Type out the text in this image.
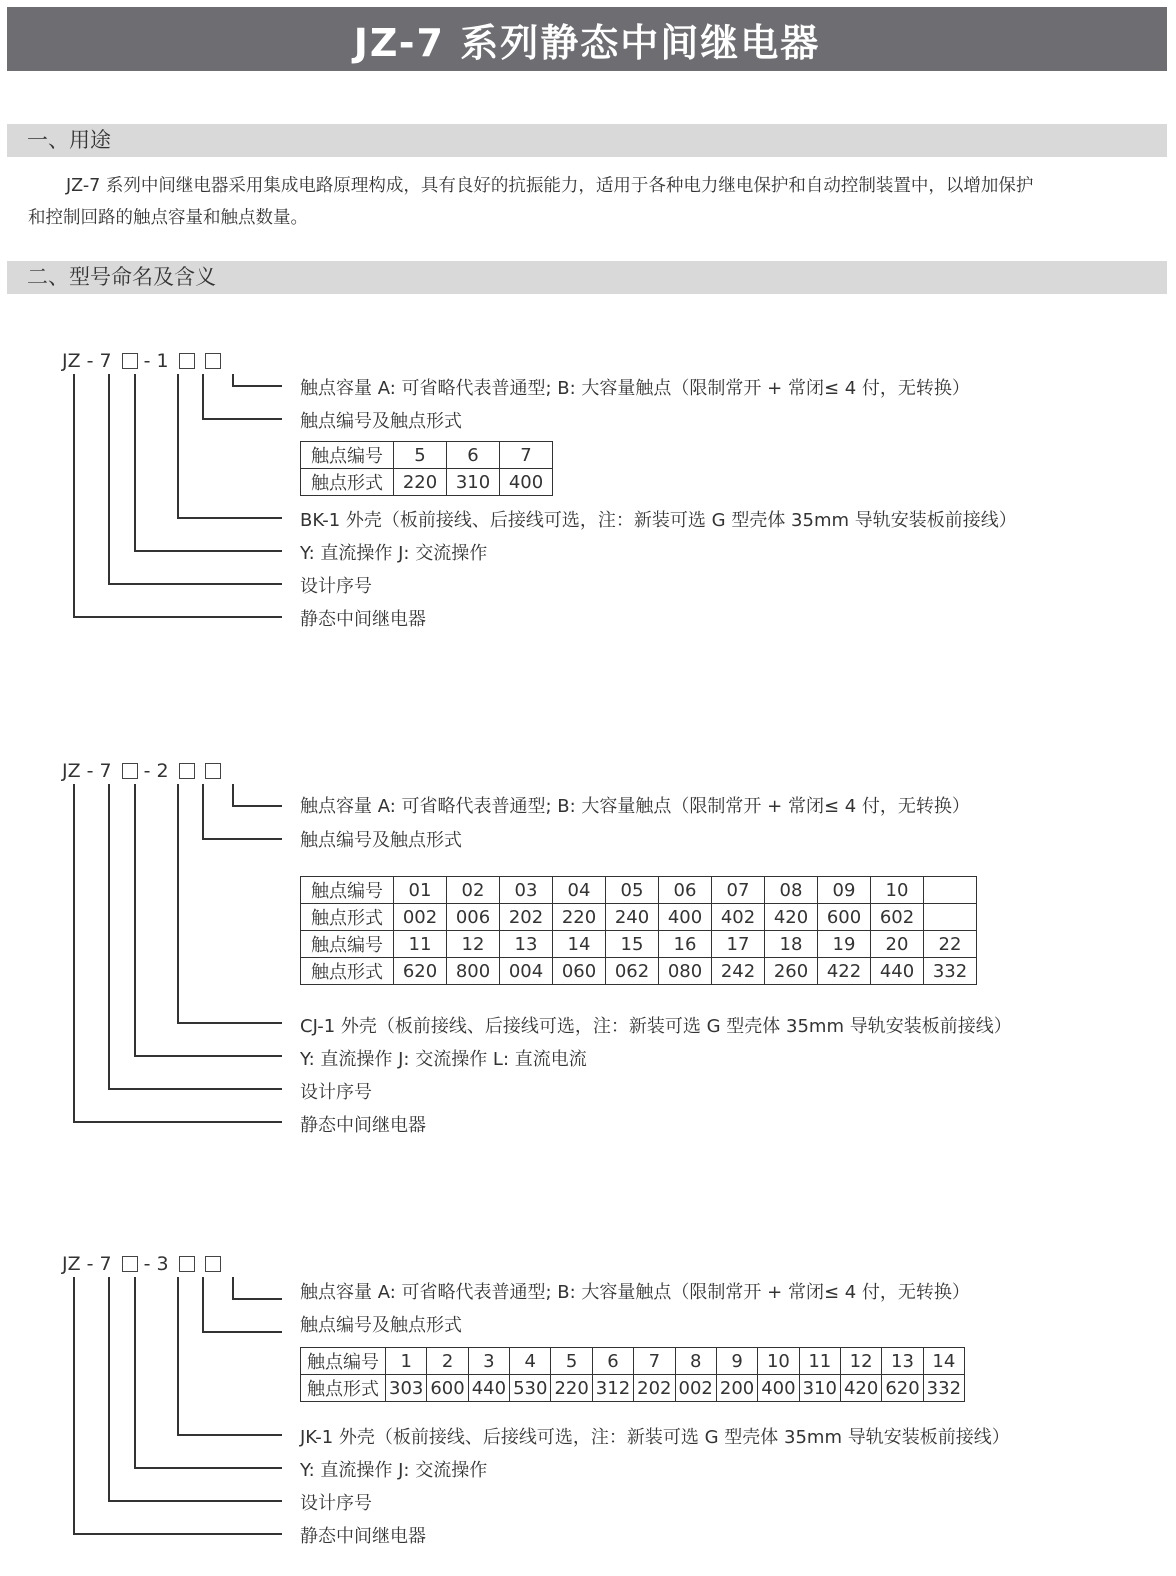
JZ-7 系列静态中间继电器
一、用途
JZ-7 系列中间继电器采用集成电路原理构成，具有良好的抗振能力，适用于各种电力继电保护和自动控制装置中，以增加保护
和控制回路的触点容量和触点数量。
二、型号命名及含义
JZ - 7 - 1
触点容量 A: 可省略代表普通型; B: 大容量触点（限制常开 + 常闭≤ 4 付，无转换）
触点编号及触点形式
触点编号	5	6	7
触点形式	220	310	400
BK-1 外壳（板前接线、后接线可选，注：新装可选 G 型壳体 35mm 导轨安装板前接线）
Y: 直流操作 J: 交流操作
设计序号
静态中间继电器
JZ - 7 - 2
触点容量 A: 可省略代表普通型; B: 大容量触点（限制常开 + 常闭≤ 4 付，无转换）
触点编号及触点形式
触点编号	01	02	03	04	05	06	07	08	09	10	
触点形式	002	006	202	220	240	400	402	420	600	602	
触点编号	11	12	13	14	15	16	17	18	19	20	22
触点形式	620	800	004	060	062	080	242	260	422	440	332
CJ-1 外壳（板前接线、后接线可选，注：新装可选 G 型壳体 35mm 导轨安装板前接线）
Y: 直流操作 J: 交流操作 L: 直流电流
设计序号
静态中间继电器
JZ - 7 - 3
触点容量 A: 可省略代表普通型; B: 大容量触点（限制常开 + 常闭≤ 4 付，无转换）
触点编号及触点形式
触点编号	1	2	3	4	5	6	7	8	9	10	11	12	13	14
触点形式	303	600	440	530	220	312	202	002	200	400	310	420	620	332
JK-1 外壳（板前接线、后接线可选，注：新装可选 G 型壳体 35mm 导轨安装板前接线）
Y: 直流操作 J: 交流操作
设计序号
静态中间继电器
